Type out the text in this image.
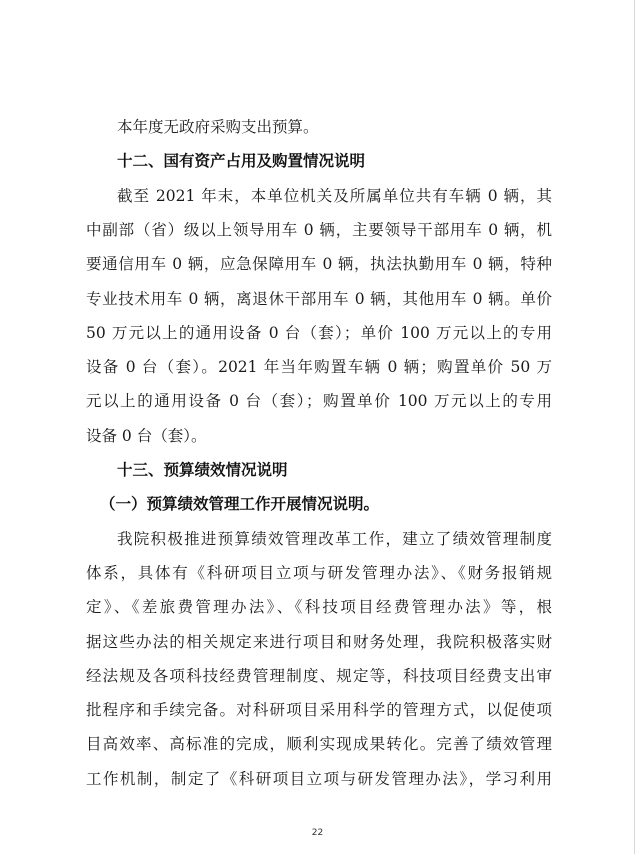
本年度无政府采购支出预算。
十二、国有资产占用及购置情况说明
截至 2021 年末，本单位机关及所属单位共有车辆 0 辆，其
中副部（省）级以上领导用车 0 辆，主要领导干部用车 0 辆，机
要通信用车 0 辆，应急保障用车 0 辆，执法执勤用车 0 辆，特种
专业技术用车 0 辆，离退休干部用车 0 辆，其他用车 0 辆。单价
50 万元以上的通用设备 0 台（套）；单价 100 万元以上的专用
设备 0 台（套）。2021 年当年购置车辆 0 辆；购置单价 50 万
元以上的通用设备 0 台（套）；购置单价 100 万元以上的专用
设备 0 台（套）。
十三、预算绩效情况说明
（一）预算绩效管理工作开展情况说明。
我院积极推进预算绩效管理改革工作，建立了绩效管理制度
体系，具体有《科研项目立项与研发管理办法》、《财务报销规
定》、《差旅费管理办法》、《科技项目经费管理办法》等，根
据这些办法的相关规定来进行项目和财务处理，我院积极落实财
经法规及各项科技经费管理制度、规定等，科技项目经费支出审
批程序和手续完备。对科研项目采用科学的管理方式，以促使项
目高效率、高标准的完成，顺利实现成果转化。完善了绩效管理
工作机制，制定了《科研项目立项与研发管理办法》，学习利用
22
